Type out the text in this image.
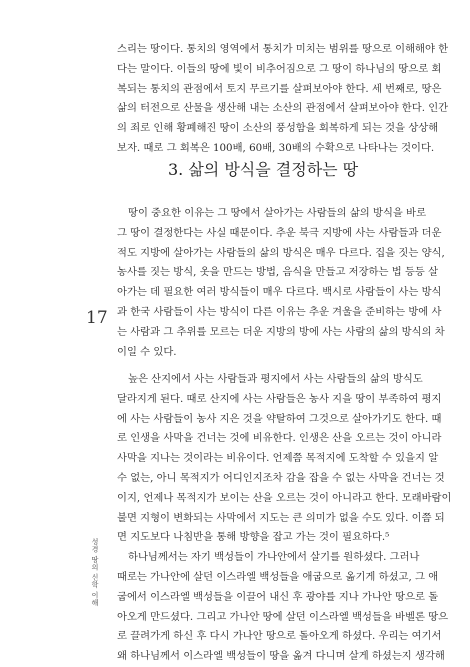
스리는 땅이다. 통치의 영역에서 통치가 미치는 범위를 땅으로 이해해야 한
다는 말이다. 이들의 땅에 빛이 비추어짐으로 그 땅이 하나님의 땅으로 회
복되는 통치의 관점에서 토지 무르기를 살펴보아야 한다. 세 번째로, 땅은
삶의 터전으로 산물을 생산해 내는 소산의 관점에서 살펴보아야 한다. 인간
의 죄로 인해 황폐해진 땅이 소산의 풍성함을 회복하게 되는 것을 상상해
보자. 때로 그 회복은 100배, 60배, 30배의 수확으로 나타나는 것이다.
3. 삶의 방식을 결정하는 땅
땅이 중요한 이유는 그 땅에서 살아가는 사람들의 삶의 방식을 바로
그 땅이 결정한다는 사실 때문이다. 추운 북극 지방에 사는 사람들과 더운
적도 지방에 살아가는 사람들의 삶의 방식은 매우 다르다. 집을 짓는 양식,
농사를 짓는 방식, 옷을 만드는 방법, 음식을 만들고 저장하는 법 등등 살
아가는 데 필요한 여러 방식들이 매우 다르다. 백시로 사람들이 사는 방식
과 한국 사람들이 사는 방식이 다른 이유는 추운 겨울을 준비하는 방에 사
는 사람과 그 추위를 모르는 더운 지방의 방에 사는 사람의 삶의 방식의 차
이일 수 있다.
17
높은 산지에서 사는 사람들과 평지에서 사는 사람들의 삶의 방식도
달라지게 된다. 때로 산지에 사는 사람들은 농사 지을 땅이 부족하여 평지
에 사는 사람들이 농사 지은 것을 약탈하여 그것으로 살아가기도 한다. 때
로 인생을 사막을 건너는 것에 비유한다. 인생은 산을 오르는 것이 아니라
사막을 지나는 것이라는 비유이다. 언제쯤 목적지에 도착할 수 있을지 알
수 없는, 아니 목적지가 어디인지조차 감을 잡을 수 없는 사막을 건너는 것
이지, 언제나 목적지가 보이는 산을 오르는 것이 아니라고 한다. 모래바람이
불면 지형이 변화되는 사막에서 지도는 큰 의미가 없을 수도 있다. 이쯤 되
면 지도보다 나침반을 통해 방향을 잡고 가는 것이 필요하다.⁵
하나님께서는 자기 백성들이 가나안에서 살기를 원하셨다. 그러나
때로는 가나안에 살던 이스라엘 백성들을 애굽으로 옮기게 하셨고, 그 애
굽에서 이스라엘 백성들을 이끌어 내신 후 광야를 지나 가나안 땅으로 돌
아오게 만드셨다. 그리고 가나안 땅에 살던 이스라엘 백성들을 바벨론 땅으
로 끌려가게 하신 후 다시 가나안 땅으로 돌아오게 하셨다. 우리는 여기서
왜 하나님께서 이스라엘 백성들이 땅을 옮겨 다니며 살게 하셨는지 생각해
성경 땅의 신학 이해
